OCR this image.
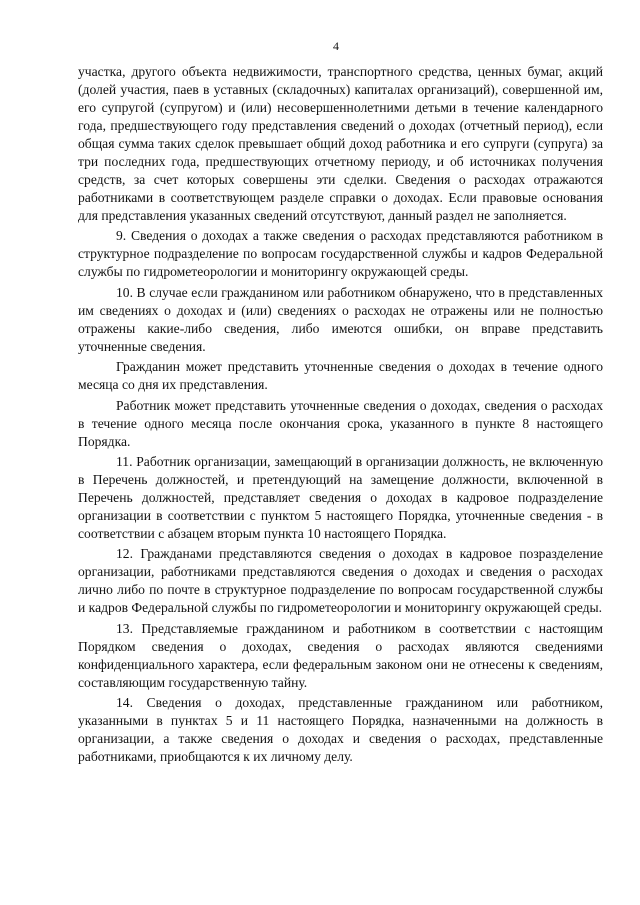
4

участка, другого объекта недвижимости, транспортного средства, ценных бумаг, акций (долей участия, паев в уставных (складочных) капиталах организаций), совершенной им, его супругой (супругом) и (или) несовершеннолетними детьми в течение календарного года, предшествующего году представления сведений о доходах (отчетный период), если общая сумма таких сделок превышает общий доход работника и его супруги (супруга) за три последних года, предшествующих отчетному периоду, и об источниках получения средств, за счет которых совершены эти сделки. Сведения о расходах отражаются работниками в соответствующем разделе справки о доходах. Если правовые основания для представления указанных сведений отсутствуют, данный раздел не заполняется.

9. Сведения о доходах а также сведения о расходах представляются работником в структурное подразделение по вопросам государственной службы и кадров Федеральной службы по гидрометеорологии и мониторингу окружающей среды.

10. В случае если гражданином или работником обнаружено, что в представленных им сведениях о доходах и (или) сведениях о расходах не отражены или не полностью отражены какие-либо сведения, либо имеются ошибки, он вправе представить уточненные сведения.

Гражданин может представить уточненные сведения о доходах в течение одного месяца со дня их представления.

Работник может представить уточненные сведения о доходах, сведения о расходах в течение одного месяца после окончания срока, указанного в пункте 8 настоящего Порядка.

11. Работник организации, замещающий в организации должность, не включенную в Перечень должностей, и претендующий на замещение должности, включенной в Перечень должностей, представляет сведения о доходах в кадровое подразделение организации в соответствии с пунктом 5 настоящего Порядка, уточненные сведения - в соответствии с абзацем вторым пункта 10 настоящего Порядка.

12. Гражданами представляются сведения о доходах в кадровое позразделение организации, работниками представляются сведения о доходах и сведения о расходах лично либо по почте в структурное подразделение по вопросам государственной службы и кадров Федеральной службы по гидрометеорологии и мониторингу окружающей среды.

13. Представляемые гражданином и работником в соответствии с настоящим Порядком сведения о доходах, сведения о расходах являются сведениями конфиденциального характера, если федеральным законом они не отнесены к сведениям, составляющим государственную тайну.

14. Сведения о доходах, представленные гражданином или работником, указанными в пунктах 5 и 11 настоящего Порядка, назначенными на должность в организации, а также сведения о доходах и сведения о расходах, представленные работниками, приобщаются к их личному делу.
